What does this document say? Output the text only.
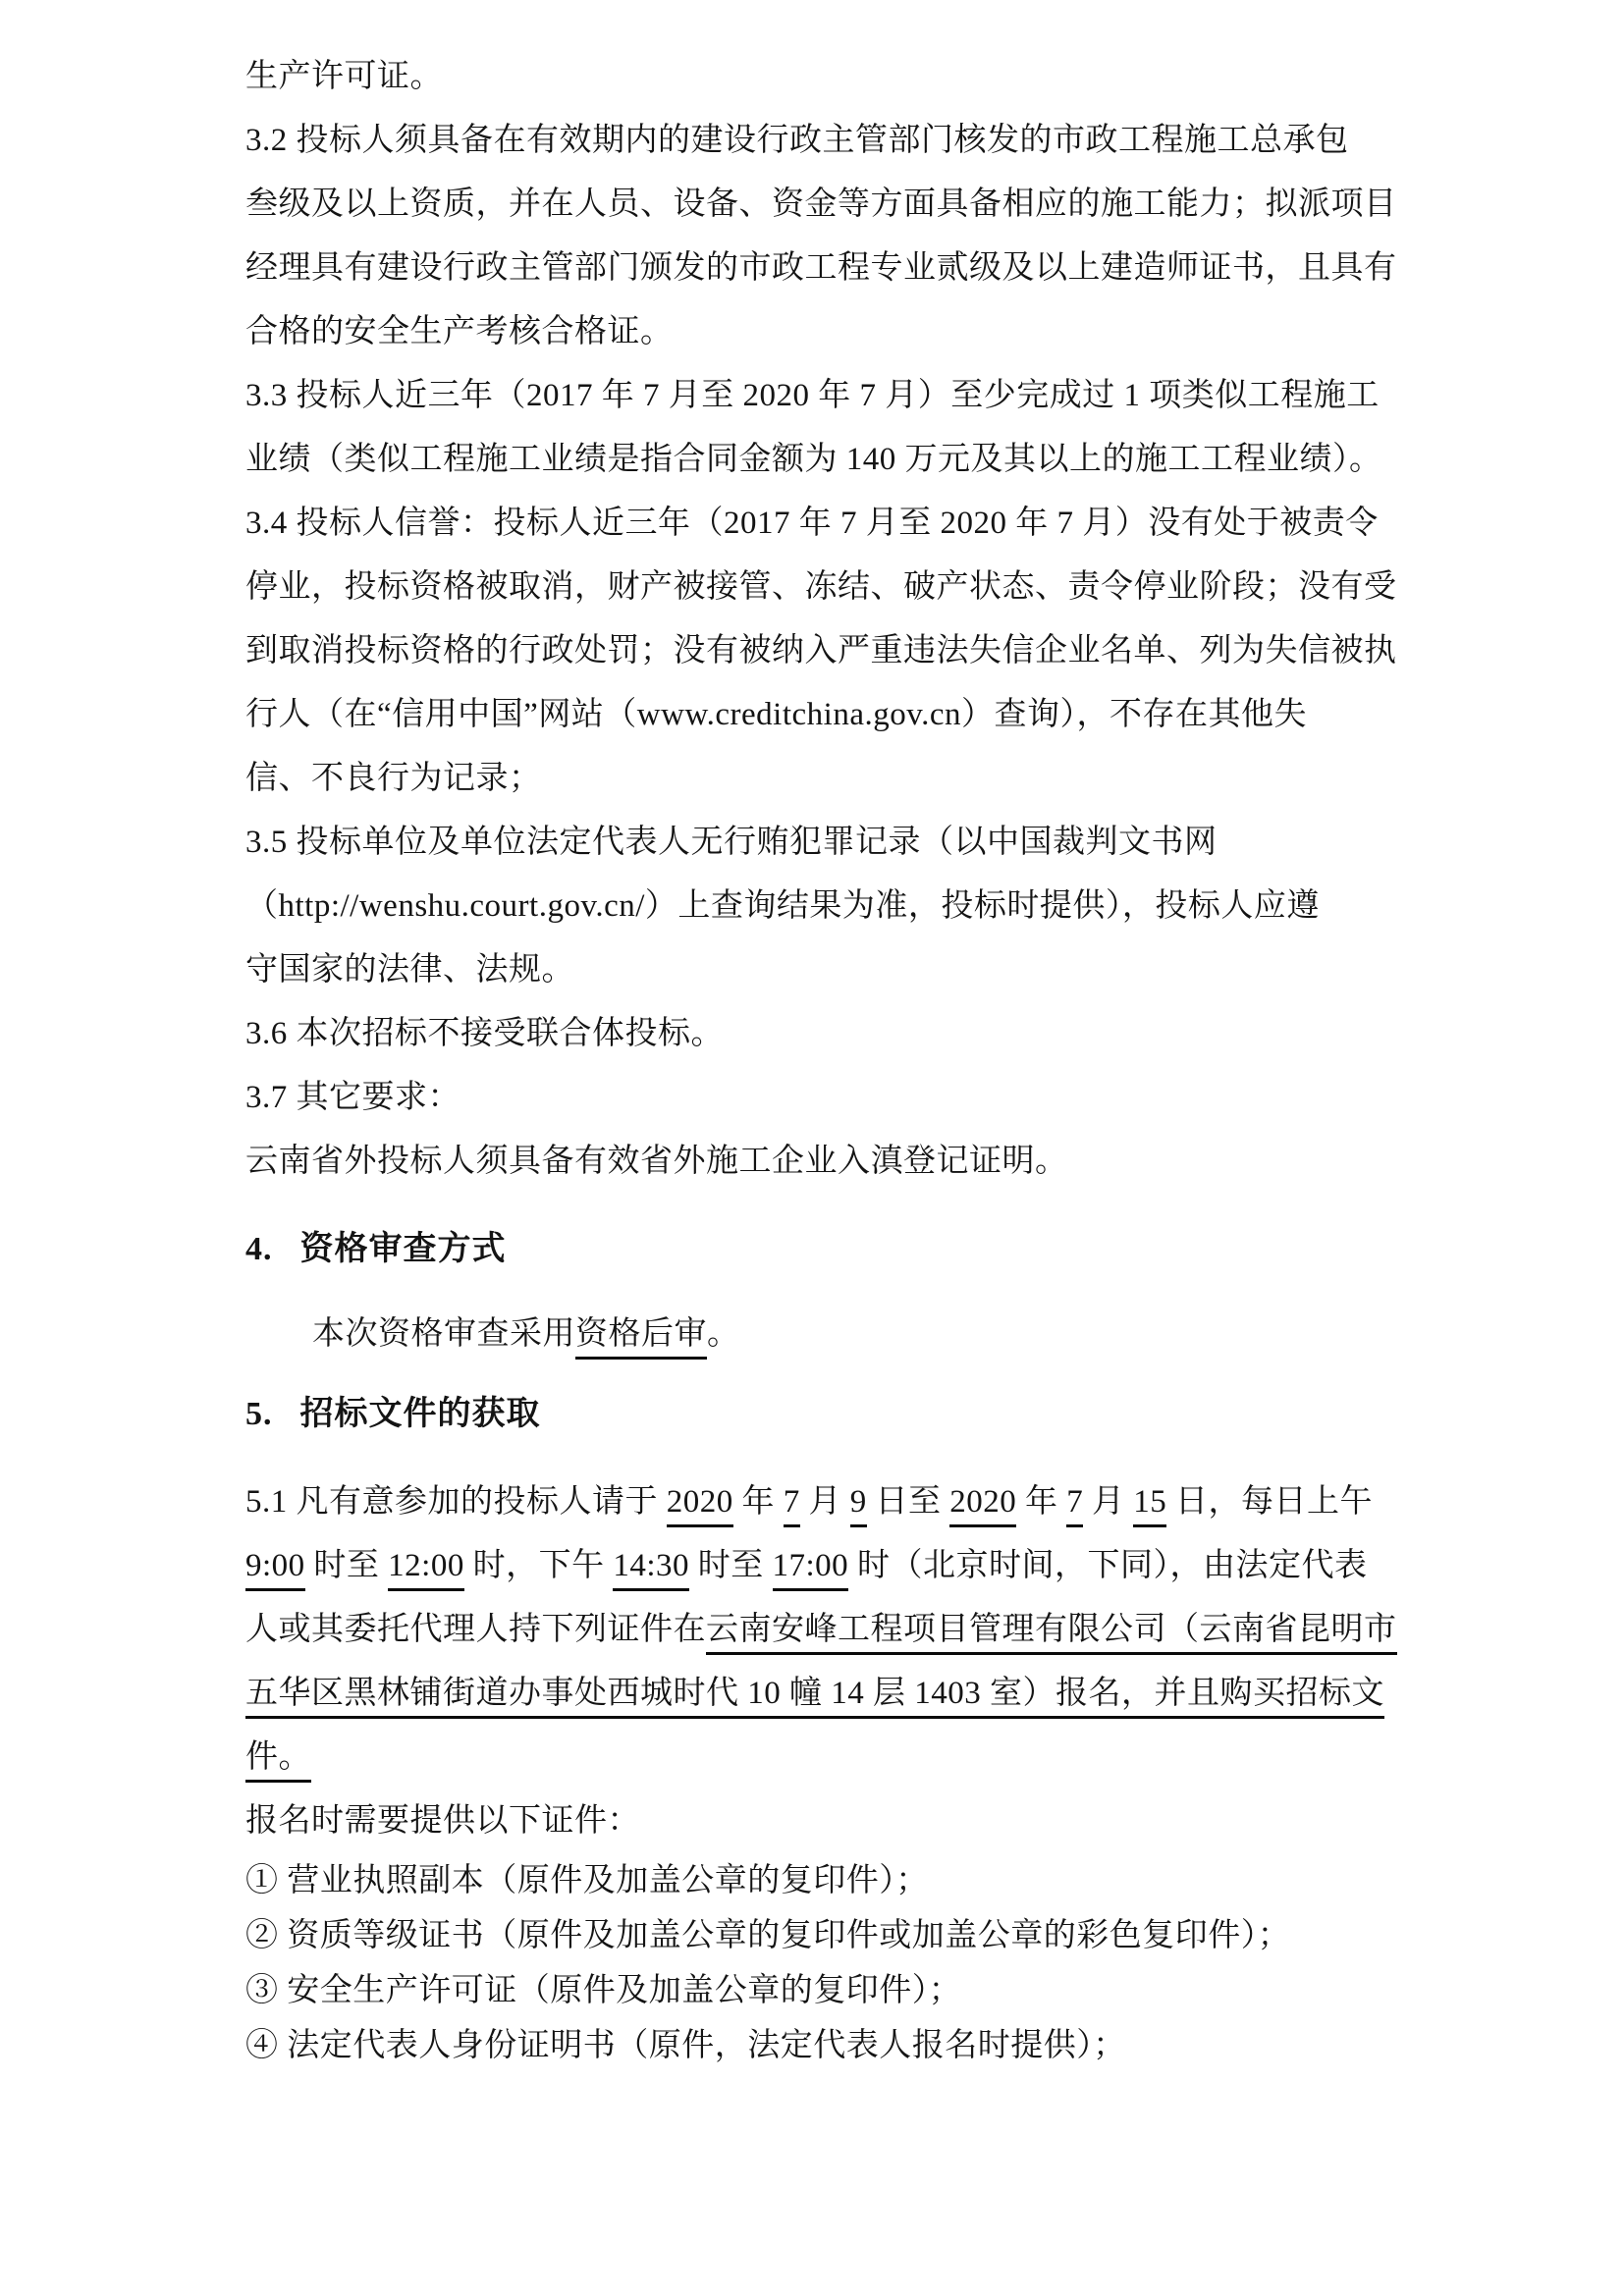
生产许可证。
3.2 投标人须具备在有效期内的建设行政主管部门核发的市政工程施工总承包
叁级及以上资质，并在人员、设备、资金等方面具备相应的施工能力；拟派项目
经理具有建设行政主管部门颁发的市政工程专业贰级及以上建造师证书，且具有
合格的安全生产考核合格证。
3.3 投标人近三年（2017 年 7 月至 2020 年 7 月）至少完成过 1 项类似工程施工
业绩（类似工程施工业绩是指合同金额为 140 万元及其以上的施工工程业绩）。
3.4 投标人信誉：投标人近三年（2017 年 7 月至 2020 年 7 月）没有处于被责令
停业，投标资格被取消，财产被接管、冻结、破产状态、责令停业阶段；没有受
到取消投标资格的行政处罚；没有被纳入严重违法失信企业名单、列为失信被执
行人（在“信用中国”网站（www.creditchina.gov.cn）查询），不存在其他失
信、不良行为记录；
3.5 投标单位及单位法定代表人无行贿犯罪记录（以中国裁判文书网
（http://wenshu.court.gov.cn/）上查询结果为准，投标时提供），投标人应遵
守国家的法律、法规。
3.6 本次招标不接受联合体投标。
3.7 其它要求：
云南省外投标人须具备有效省外施工企业入滇登记证明。
4. 资格审查方式
本次资格审查采用资格后审。
5. 招标文件的获取
5.1 凡有意参加的投标人请于 2020 年 7 月 9 日至 2020 年 7 月 15 日，每日上午
9:00 时至 12:00 时，下午 14:30 时至 17:00 时（北京时间，下同），由法定代表
人或其委托代理人持下列证件在云南安峰工程项目管理有限公司（云南省昆明市
五华区黑林铺街道办事处西城时代 10 幢 14 层 1403 室）报名，并且购买招标文
件。
报名时需要提供以下证件：
① 营业执照副本（原件及加盖公章的复印件）；
② 资质等级证书（原件及加盖公章的复印件或加盖公章的彩色复印件）；
③ 安全生产许可证（原件及加盖公章的复印件）；
④ 法定代表人身份证明书（原件，法定代表人报名时提供）；
